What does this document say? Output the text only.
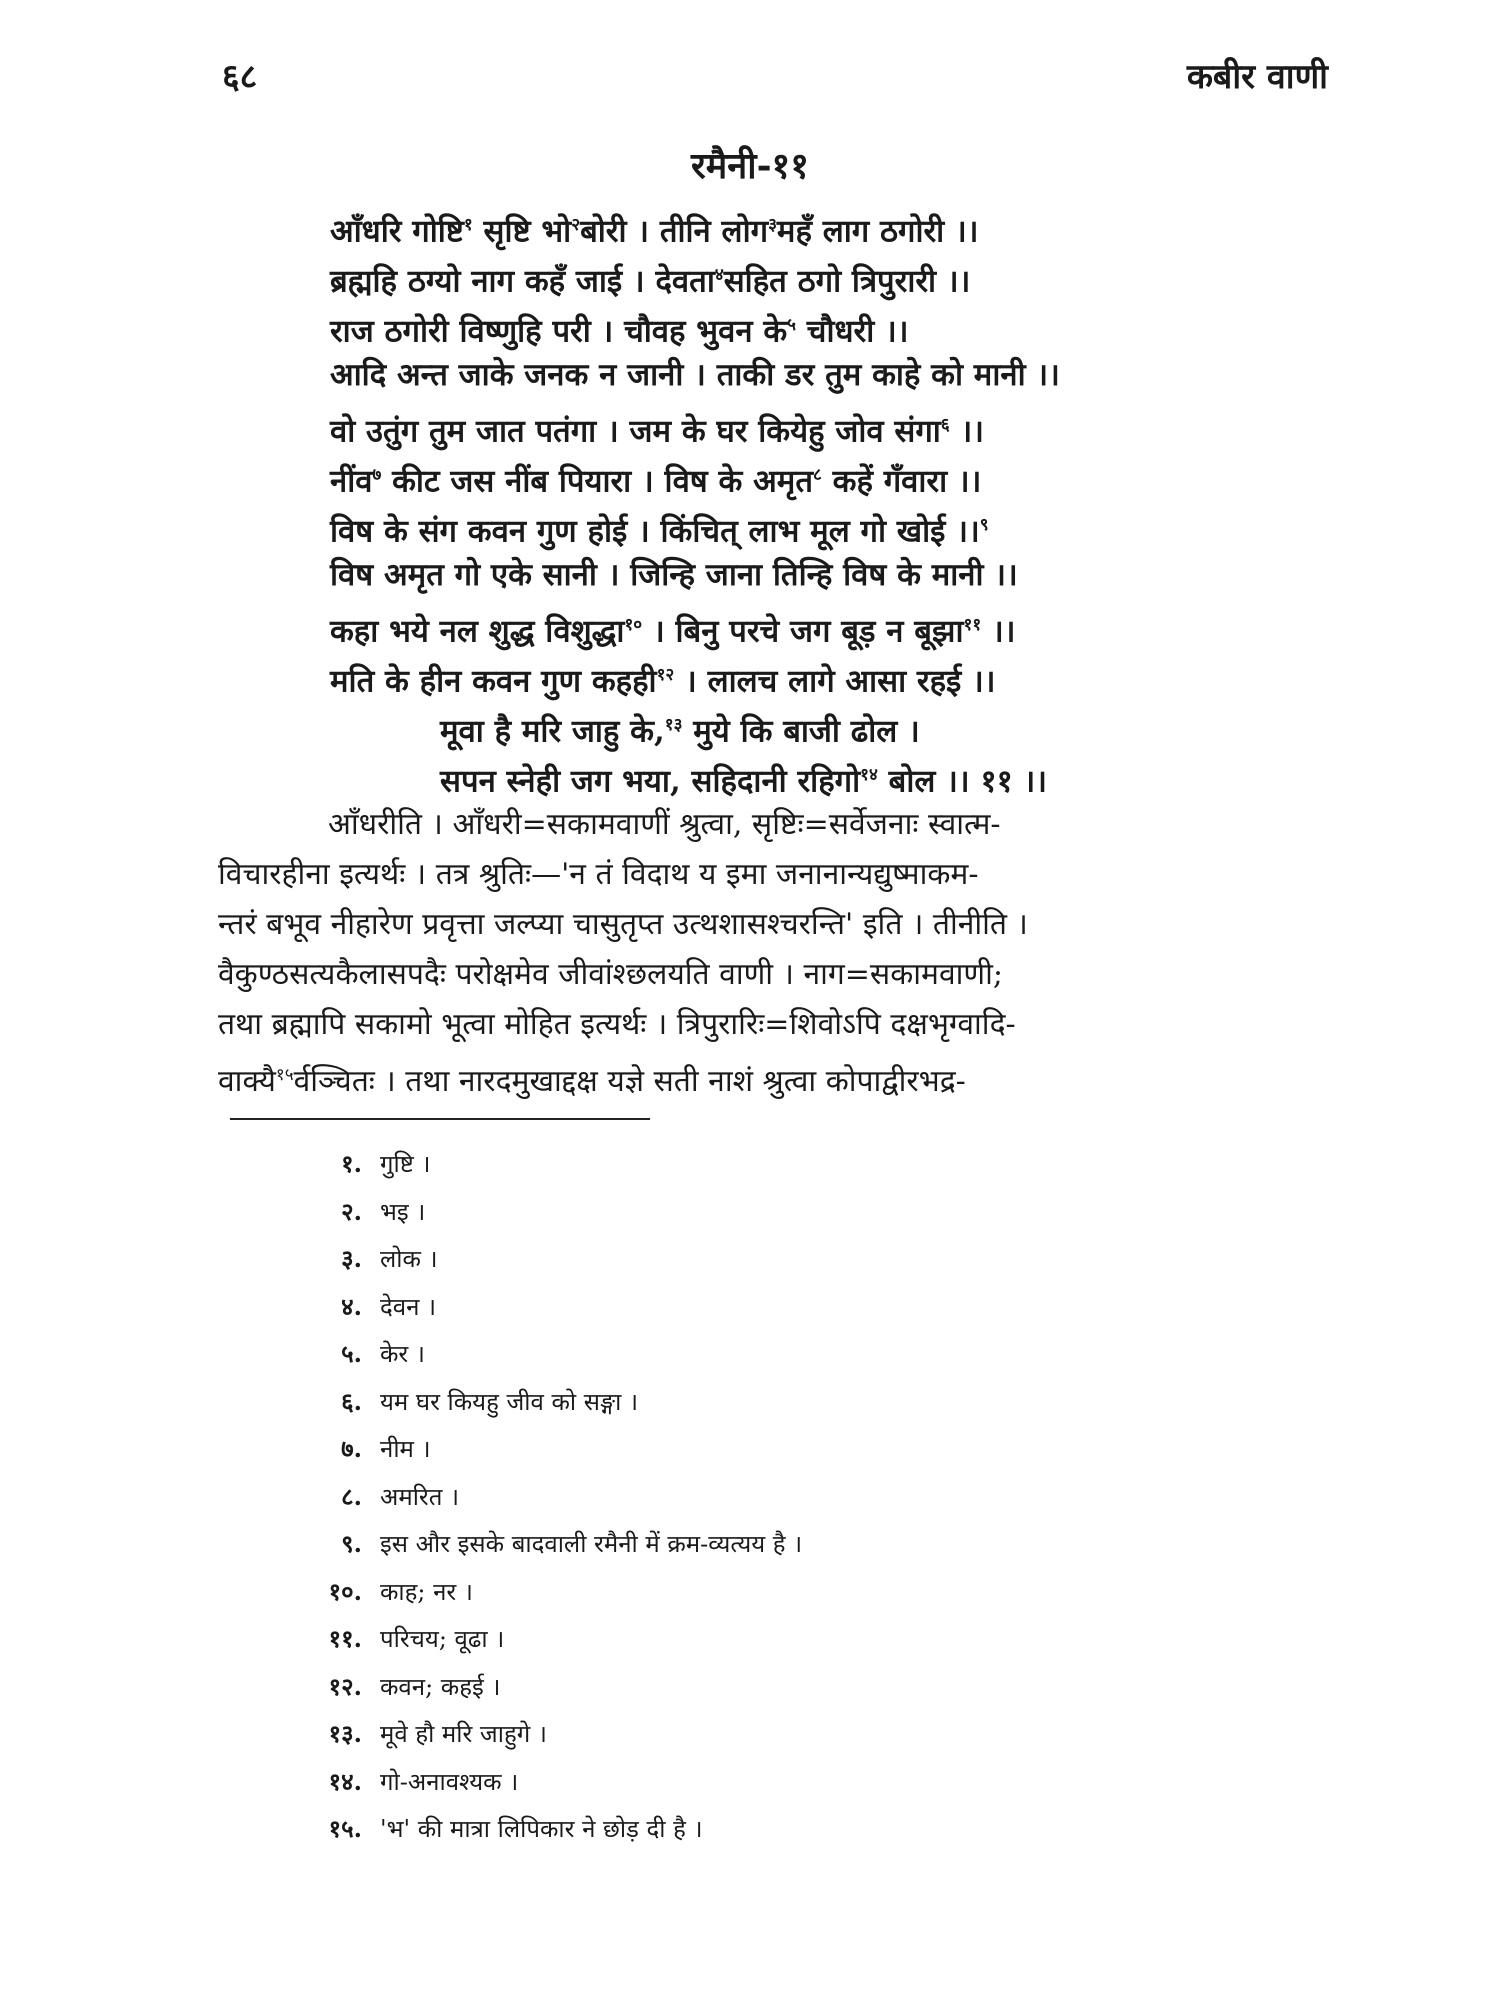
६८	कबीर वाणी
रमैनी-११
आँधरि गोष्टि$^१$ सृष्टि भो$^२$बोरी । तीनि लोग$^३$महँ लाग ठगोरी ।।
ब्रह्महि ठग्यो नाग कहँ जाई । देवता$^४$सहित ठगो त्रिपुरारी ।।
राज ठगोरी विष्णुहि परी । चौवह भुवन के$^५$ चौधरी ।।
आदि अन्त जाके जनक न जानी । ताकी डर तुम काहे को मानी ।।
वो उतुंग तुम जात पतंगा । जम के घर कियेहु जोव संगा$^६$ ।।
नींव$^७$ कीट जस नींब पियारा । विष के अमृत$^८$ कहें गँवारा ।।
विष के संग कवन गुण होई । किंचित् लाभ मूल गो खोई ।।$^९$
विष अमृत गो एके सानी । जिन्हि जाना तिन्हि विष के मानी ।।
कहा भये नल शुद्ध विशुद्धा$^{१०}$ । बिनु परचे जग बूड़ न बूझा$^{११}$ ।।
मति के हीन कवन गुण कहही$^{१२}$ । लालच लागे आसा रहई ।।
मूवा है मरि जाहु के,$^{१३}$ मुये कि बाजी ढोल ।
सपन स्नेही जग भया, सहिदानी रहिगो$^{१४}$ बोल ।। ११ ।।
आँधरीति । आँधरी=सकामवाणीं श्रुत्वा, सृष्टिः=सर्वेजनाः स्वात्म-
विचारहीना इत्यर्थः । तत्र श्रुतिः—'न तं विदाथ य इमा जनानान्यद्युष्माकम-
न्तरं बभूव नीहारेण प्रवृत्ता जल्प्या चासुतृप्त उत्थशासश्चरन्ति' इति । तीनीति ।
वैकुण्ठसत्यकैलासपदैः परोक्षमेव जीवांश्छलयति वाणी । नाग=सकामवाणी;
तथा ब्रह्मापि सकामो भूत्वा मोहित इत्यर्थः । त्रिपुरारिः=शिवोऽपि दक्षभृग्वादि-
वाक्यै$^{१५}$र्वञ्चितः । तथा नारदमुखाद्दक्ष यज्ञे सती नाशं श्रुत्वा कोपाद्वीरभद्र-
१. गुष्टि ।
२. भइ ।
३. लोक ।
४. देवन ।
५. केर ।
६. यम घर कियहु जीव को सङ्गा ।
७. नीम ।
८. अमरित ।
९. इस और इसके बादवाली रमैनी में क्रम-व्यत्यय है ।
१०. काह; नर ।
११. परिचय; वूढा ।
१२. कवन; कहई ।
१३. मूवे हौ मरि जाहुगे ।
१४. गो-अनावश्यक ।
१५. 'भ' की मात्रा लिपिकार ने छोड़ दी है ।
